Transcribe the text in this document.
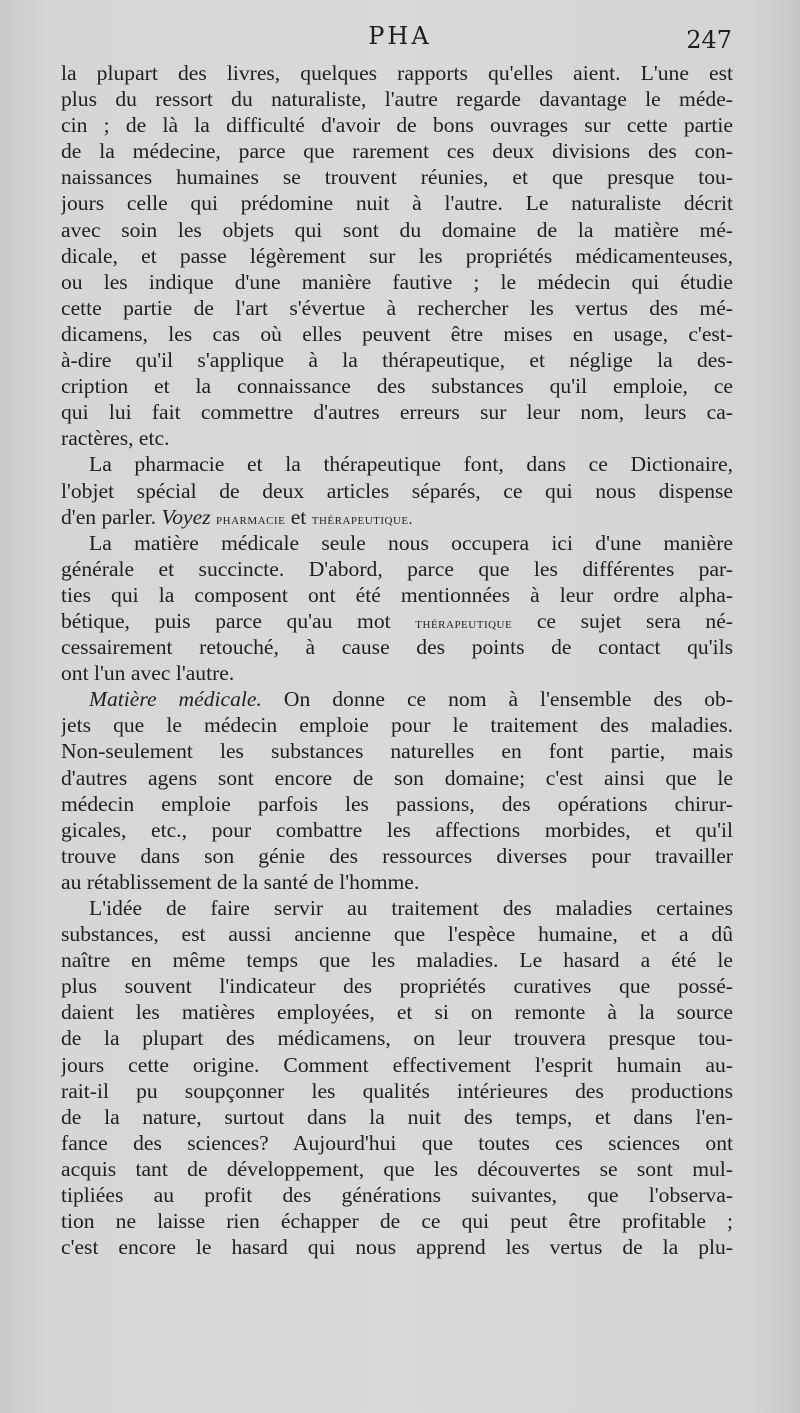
PHA	247
la plupart des livres, quelques rapports qu'elles aient. L'une est
plus du ressort du naturaliste, l'autre regarde davantage le méde-
cin ; de là la difficulté d'avoir de bons ouvrages sur cette partie
de la médecine, parce que rarement ces deux divisions des con-
naissances humaines se trouvent réunies, et que presque tou-
jours celle qui prédomine nuit à l'autre. Le naturaliste décrit
avec soin les objets qui sont du domaine de la matière mé-
dicale, et passe légèrement sur les propriétés médicamenteuses,
ou les indique d'une manière fautive ; le médecin qui étudie
cette partie de l'art s'évertue à rechercher les vertus des mé-
dicamens, les cas où elles peuvent être mises en usage, c'est-
à-dire qu'il s'applique à la thérapeutique, et néglige la des-
cription et la connaissance des substances qu'il emploie, ce
qui lui fait commettre d'autres erreurs sur leur nom, leurs ca-
ractères, etc.
La pharmacie et la thérapeutique font, dans ce Dictionaire,
l'objet spécial de deux articles séparés, ce qui nous dispense
d'en parler. Voyez pharmacie et thérapeutique.
La matière médicale seule nous occupera ici d'une manière
générale et succincte. D'abord, parce que les différentes par-
ties qui la composent ont été mentionnées à leur ordre alpha-
bétique, puis parce qu'au mot thérapeutique ce sujet sera né-
cessairement retouché, à cause des points de contact qu'ils
ont l'un avec l'autre.
Matière médicale. On donne ce nom à l'ensemble des ob-
jets que le médecin emploie pour le traitement des maladies.
Non-seulement les substances naturelles en font partie, mais
d'autres agens sont encore de son domaine; c'est ainsi que le
médecin emploie parfois les passions, des opérations chirur-
gicales, etc., pour combattre les affections morbides, et qu'il
trouve dans son génie des ressources diverses pour travailler
au rétablissement de la santé de l'homme.
L'idée de faire servir au traitement des maladies certaines
substances, est aussi ancienne que l'espèce humaine, et a dû
naître en même temps que les maladies. Le hasard a été le
plus souvent l'indicateur des propriétés curatives que possé-
daient les matières employées, et si on remonte à la source
de la plupart des médicamens, on leur trouvera presque tou-
jours cette origine. Comment effectivement l'esprit humain au-
rait-il pu soupçonner les qualités intérieures des productions
de la nature, surtout dans la nuit des temps, et dans l'en-
fance des sciences? Aujourd'hui que toutes ces sciences ont
acquis tant de développement, que les découvertes se sont mul-
tipliées au profit des générations suivantes, que l'observa-
tion ne laisse rien échapper de ce qui peut être profitable ;
c'est encore le hasard qui nous apprend les vertus de la plu-
